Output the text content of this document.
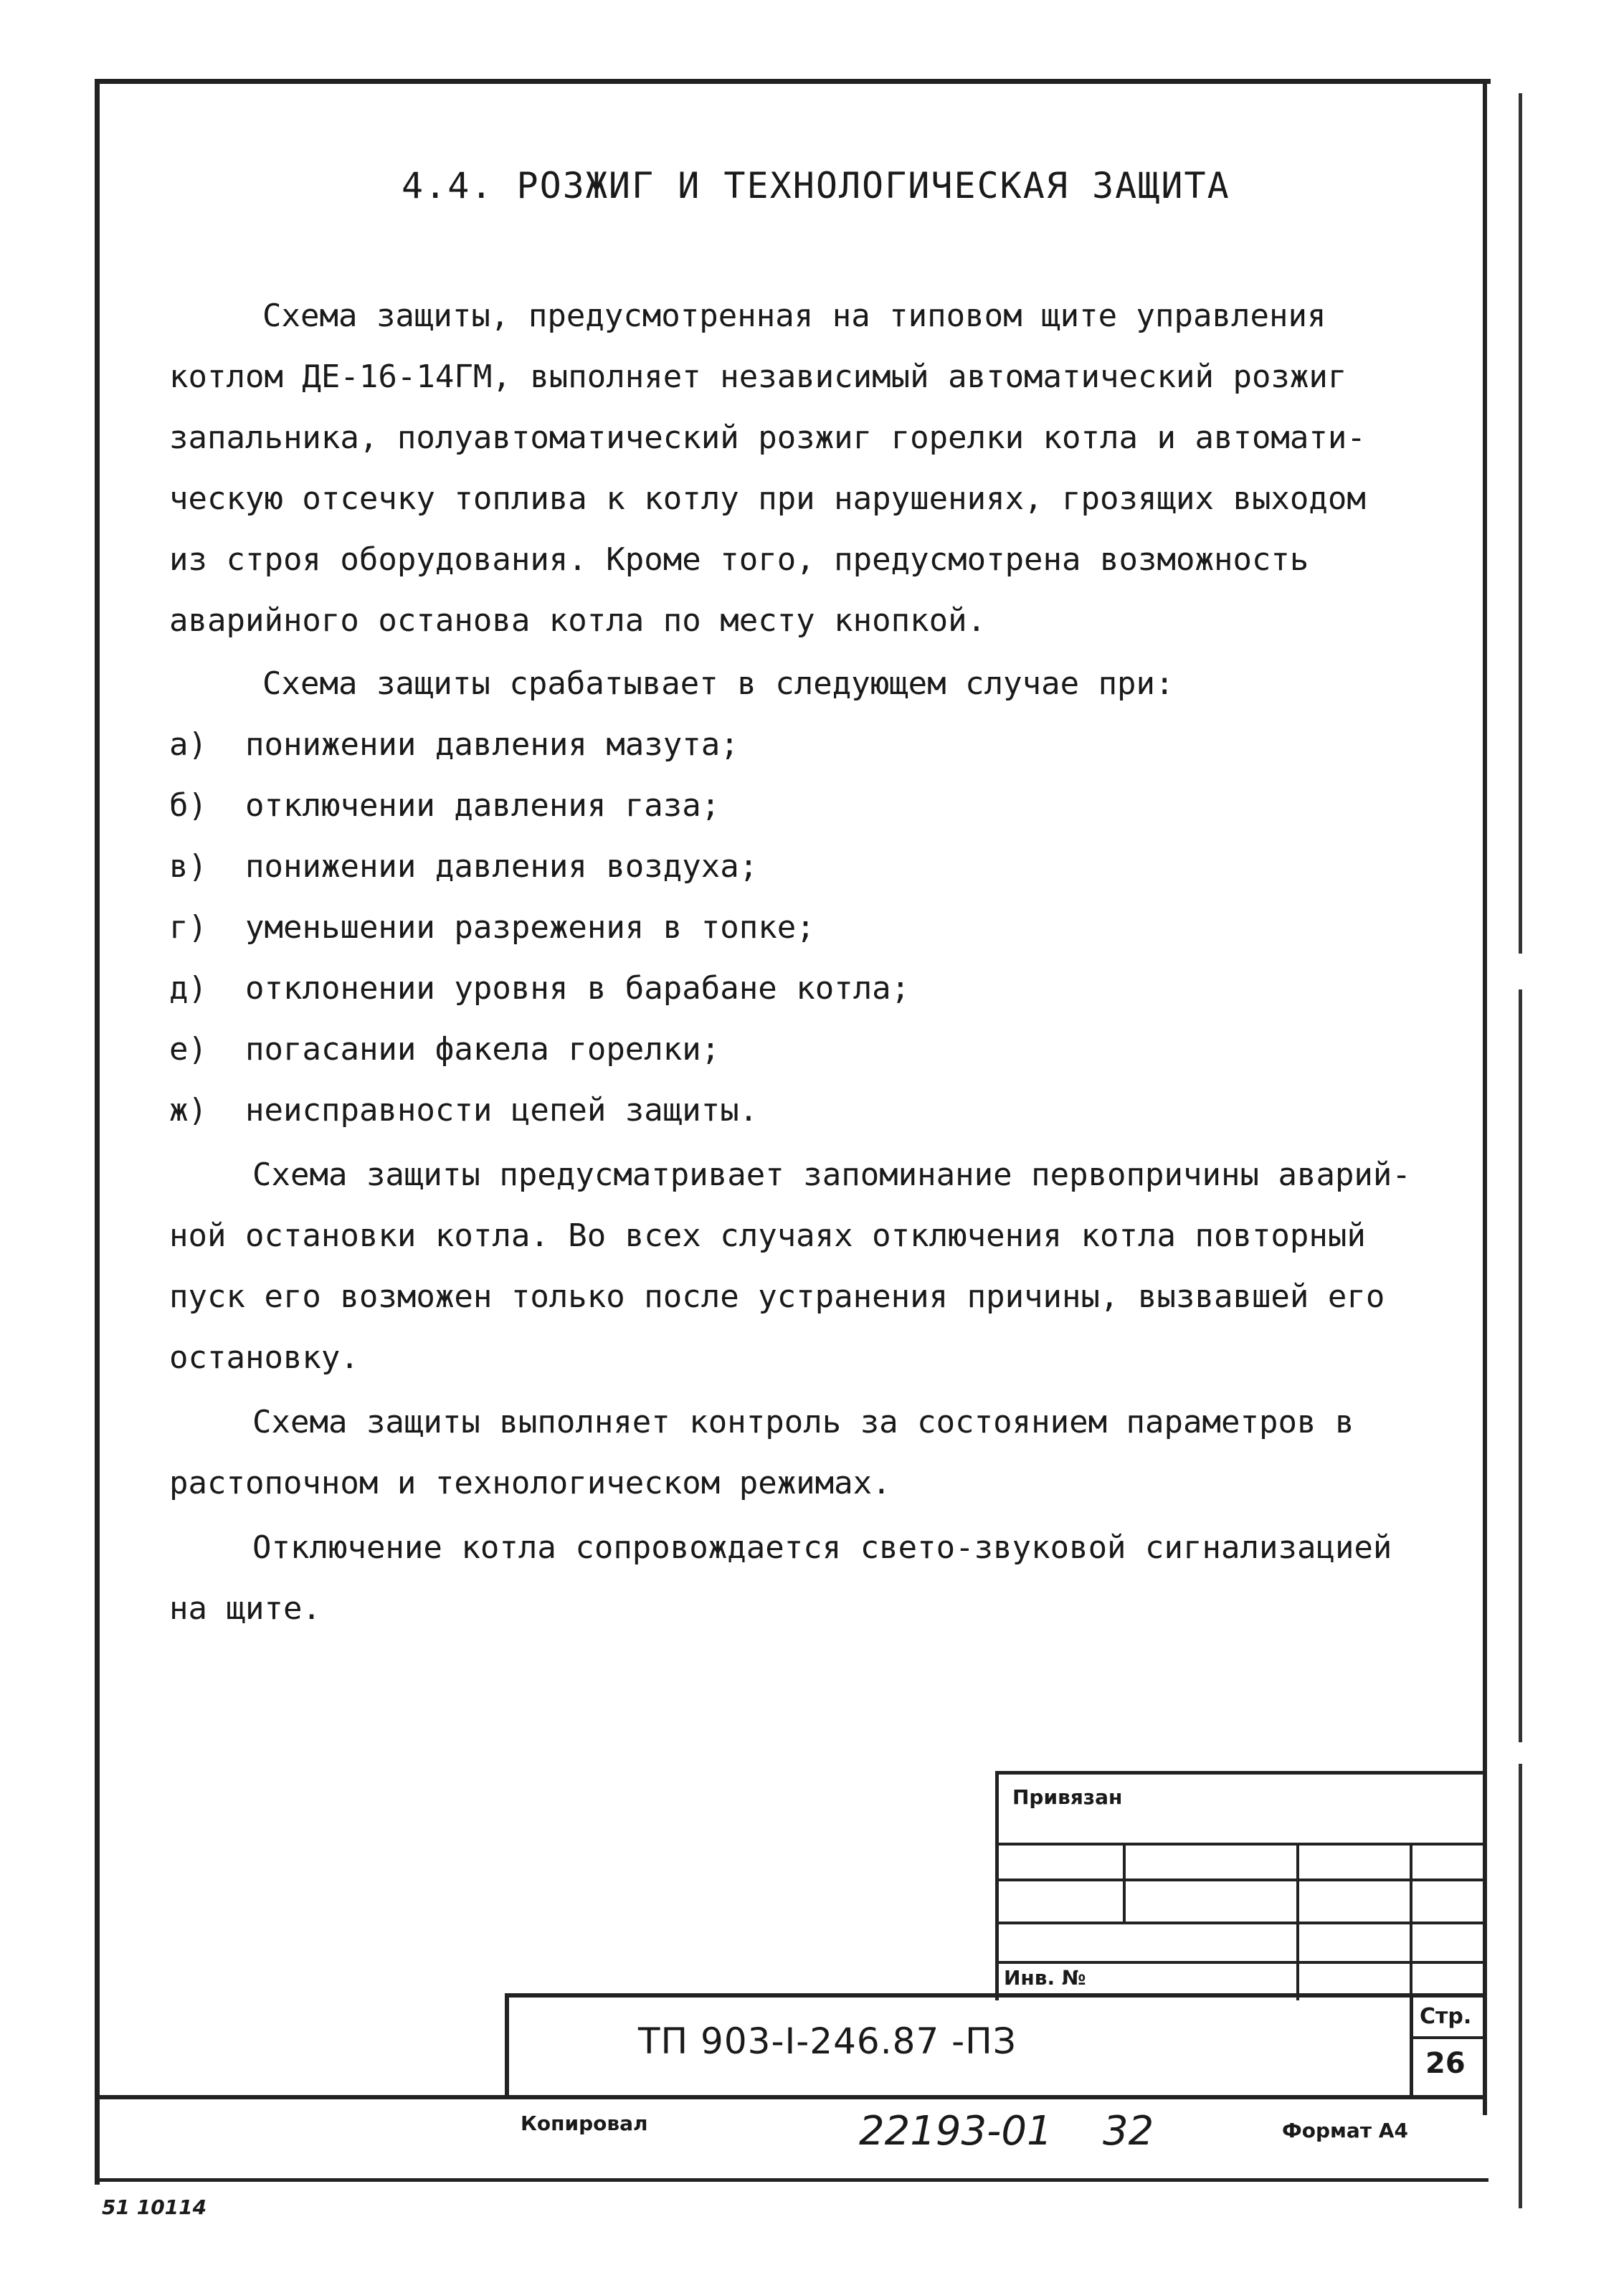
4.4. РОЗЖИГ И ТЕХНОЛОГИЧЕСКАЯ ЗАЩИТА
Схема защиты, предусмотренная на типовом щите управления
котлом ДЕ-16-14ГМ, выполняет независимый автоматический розжиг
запальника, полуавтоматический розжиг горелки котла и автомати-
ческую отсечку топлива к котлу при нарушениях, грозящих выходом
из строя оборудования. Кроме того, предусмотрена возможность
аварийного останова котла по месту кнопкой.
Схема защиты срабатывает в следующем случае при:
а) понижении давления мазута;
б) отключении давления газа;
в) понижении давления воздуха;
г) уменьшении разрежения в топке;
д) отклонении уровня в барабане котла;
е) погасании факела горелки;
ж) неисправности цепей защиты.
Схема защиты предусматривает запоминание первопричины аварий-
ной остановки котла. Во всех случаях отключения котла повторный
пуск его возможен только после устранения причины, вызвавшей его
остановку.
Схема защиты выполняет контроль за состоянием параметров в
растопочном и технологическом режимах.
Отключение котла сопровождается свето-звуковой сигнализацией
на щите.
Привязан
Инв. №
ТП 903-I-246.87 -ПЗ
Стр.
26
Копировал	22193-01 32	Формат А4
51 10114
